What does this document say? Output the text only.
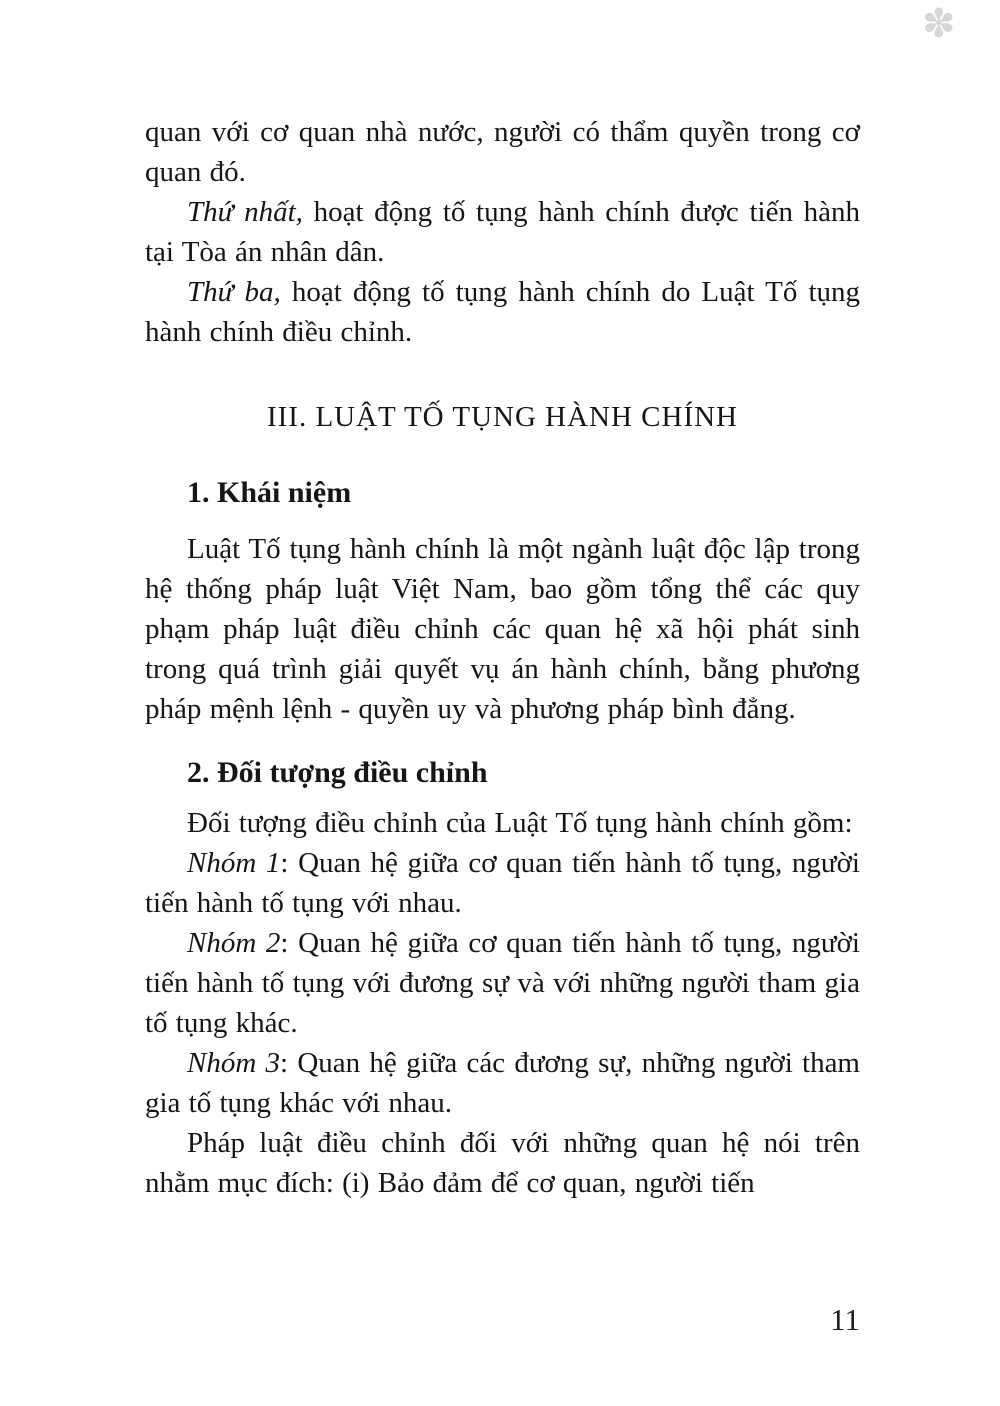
✽

quan với cơ quan nhà nước, người có thẩm quyền trong cơ quan đó.

Thứ nhất, hoạt động tố tụng hành chính được tiến hành tại Tòa án nhân dân.

Thứ ba, hoạt động tố tụng hành chính do Luật Tố tụng hành chính điều chỉnh.

III. LUẬT TỐ TỤNG HÀNH CHÍNH
1. Khái niệm

Luật Tố tụng hành chính là một ngành luật độc lập trong hệ thống pháp luật Việt Nam, bao gồm tổng thể các quy phạm pháp luật điều chỉnh các quan hệ xã hội phát sinh trong quá trình giải quyết vụ án hành chính, bằng phương pháp mệnh lệnh - quyền uy và phương pháp bình đẳng.

2. Đối tượng điều chỉnh

Đối tượng điều chỉnh của Luật Tố tụng hành chính gồm:

Nhóm 1: Quan hệ giữa cơ quan tiến hành tố tụng, người tiến hành tố tụng với nhau.

Nhóm 2: Quan hệ giữa cơ quan tiến hành tố tụng, người tiến hành tố tụng với đương sự và với những người tham gia tố tụng khác.

Nhóm 3: Quan hệ giữa các đương sự, những người tham gia tố tụng khác với nhau.

Pháp luật điều chỉnh đối với những quan hệ nói trên nhằm mục đích: (i) Bảo đảm để cơ quan, người tiến

11
